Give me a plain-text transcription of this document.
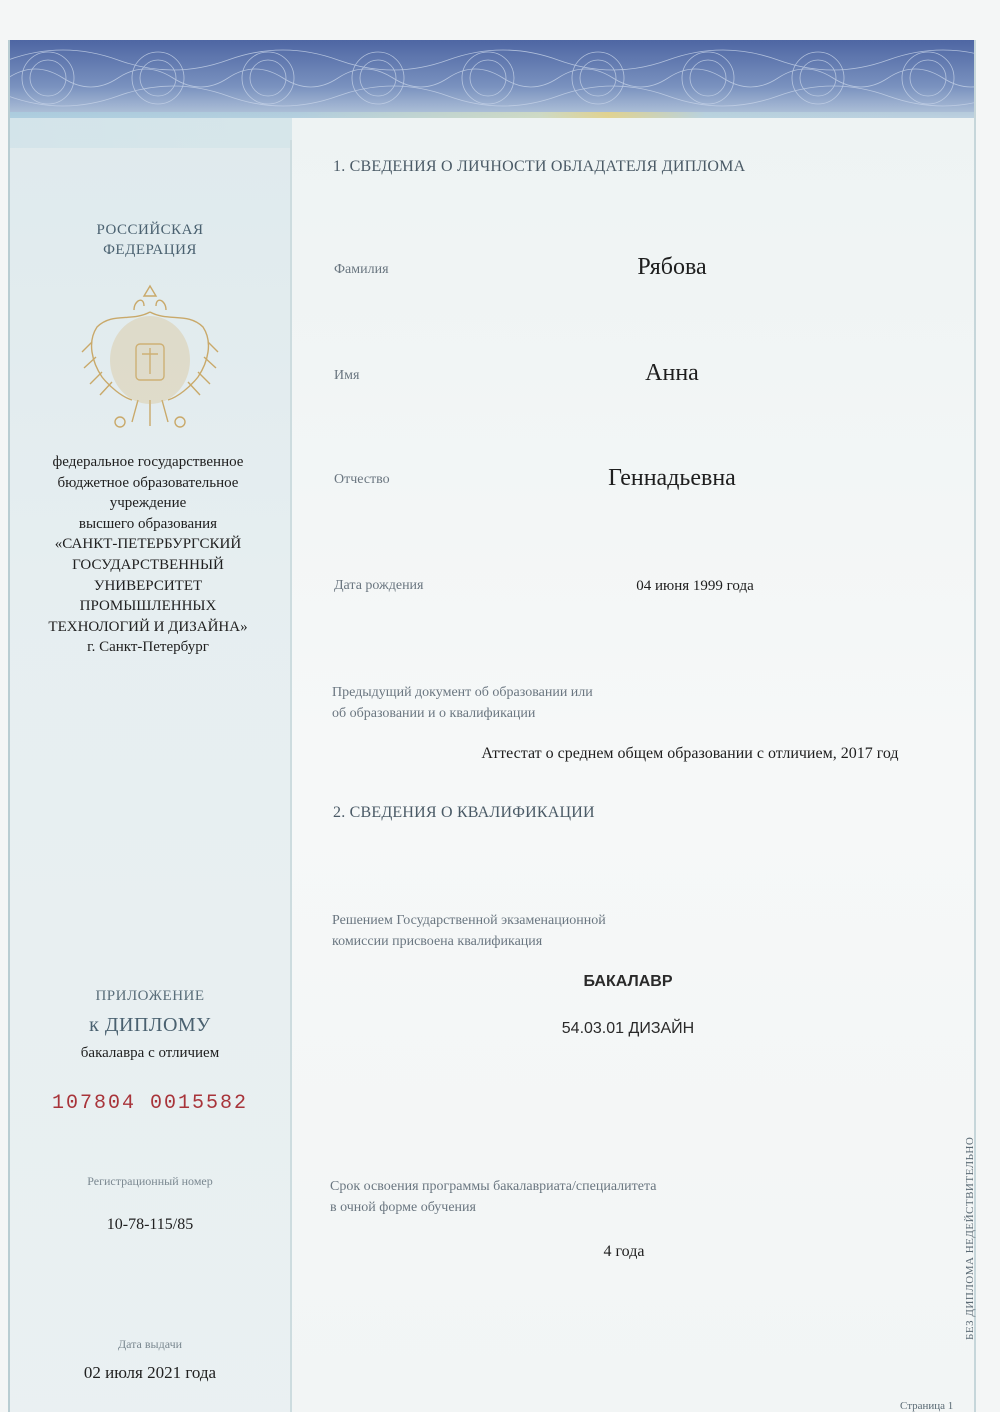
РОССИЙСКАЯ ФЕДЕРАЦИЯ
федеральное государственное
бюджетное образовательное
учреждение
высшего образования
«САНКТ-ПЕТЕРБУРГСКИЙ
ГОСУДАРСТВЕННЫЙ
УНИВЕРСИТЕТ
ПРОМЫШЛЕННЫХ
ТЕХНОЛОГИЙ И ДИЗАЙНА»
г. Санкт-Петербург
ПРИЛОЖЕНИЕ
к ДИПЛОМУ
бакалавра с отличием
107804 0015582
Регистрационный номер
10-78-115/85
Дата выдачи
02 июля 2021 года
1. СВЕДЕНИЯ О ЛИЧНОСТИ ОБЛАДАТЕЛЯ ДИПЛОМА
Фамилия	Рябова
Имя	Анна
Отчество	Геннадьевна
Дата рождения	04 июня 1999 года
Предыдущий документ об образовании или
об образовании и о квалификации
Аттестат о среднем общем образовании с отличием, 2017 год
2. СВЕДЕНИЯ О КВАЛИФИКАЦИИ
Решением Государственной экзаменационной
комиссии присвоена квалификация
БАКАЛАВР
54.03.01 ДИЗАЙН
Срок освоения программы бакалавриата/специалитета
в очной форме обучения
4 года	БЕЗ ДИПЛОМА НЕДЕЙСТВИТЕЛЬНО
Страница 1
